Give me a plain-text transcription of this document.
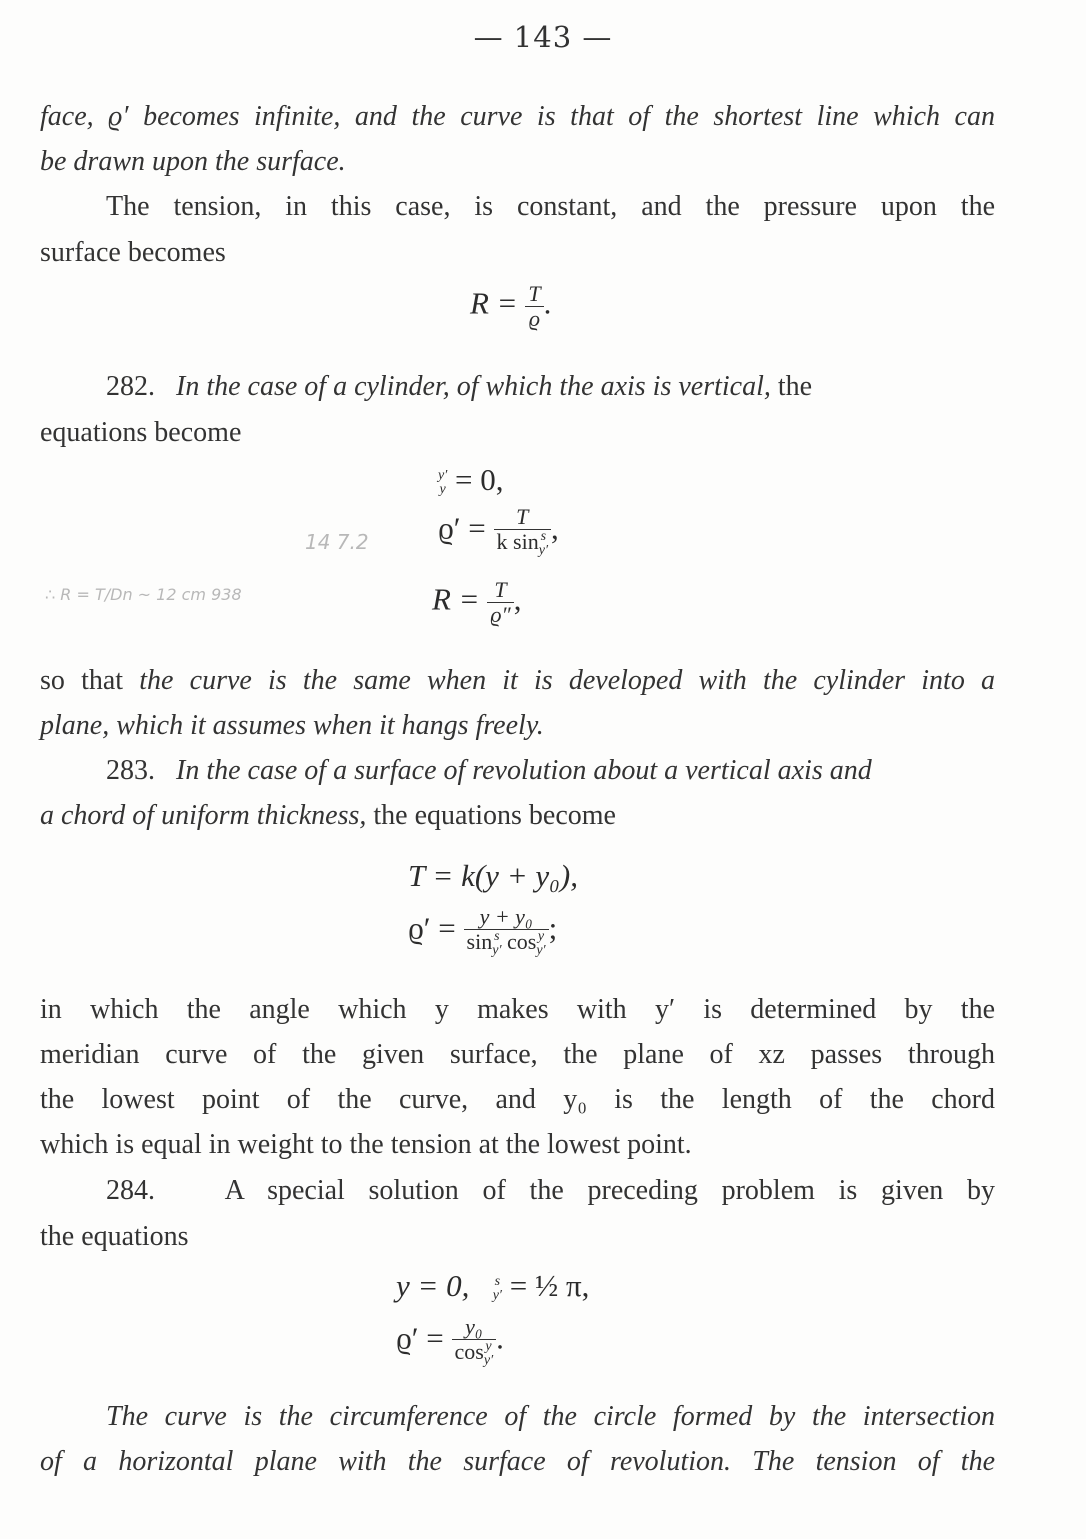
— 143 —
face, ϱ′ becomes infinite, and the curve is that of the shortest line which can
be drawn upon the surface.
The tension, in this case, is constant, and the pressure upon the
surface becomes
$R = \frac{T}{ϱ}$ .
282. In the case of a cylinder, of which the axis is vertical, the
equations become
y′
y = 0,
ϱ′ = T
k sin s
y′ ,
$R = \frac{T}{ϱ''}$ ,
14 7.2
∴ R = T/Dn ~ 12 cm 938
so that the curve is the same when it is developed with the cylinder into a
plane, which it assumes when it hangs freely.
283. In the case of a surface of revolution about a vertical axis and
a chord of uniform thickness, the equations become
T = k(y + y₀),
ϱ′ = y + y₀
sin s
y′ cos y
y′ ;
in which the angle which y makes with y′ is determined by the
meridian curve of the given surface, the plane of xz passes through
the lowest point of the curve, and y₀ is the length of the chord
which is equal in weight to the tension at the lowest point.
284. A special solution of the preceding problem is given by
the equations
y = 0, s
y′ = ½ π,
ϱ′ = y₀
cos y
y′ .
The curve is the circumference of the circle formed by the intersection
of a horizontal plane with the surface of revolution. The tension of the
